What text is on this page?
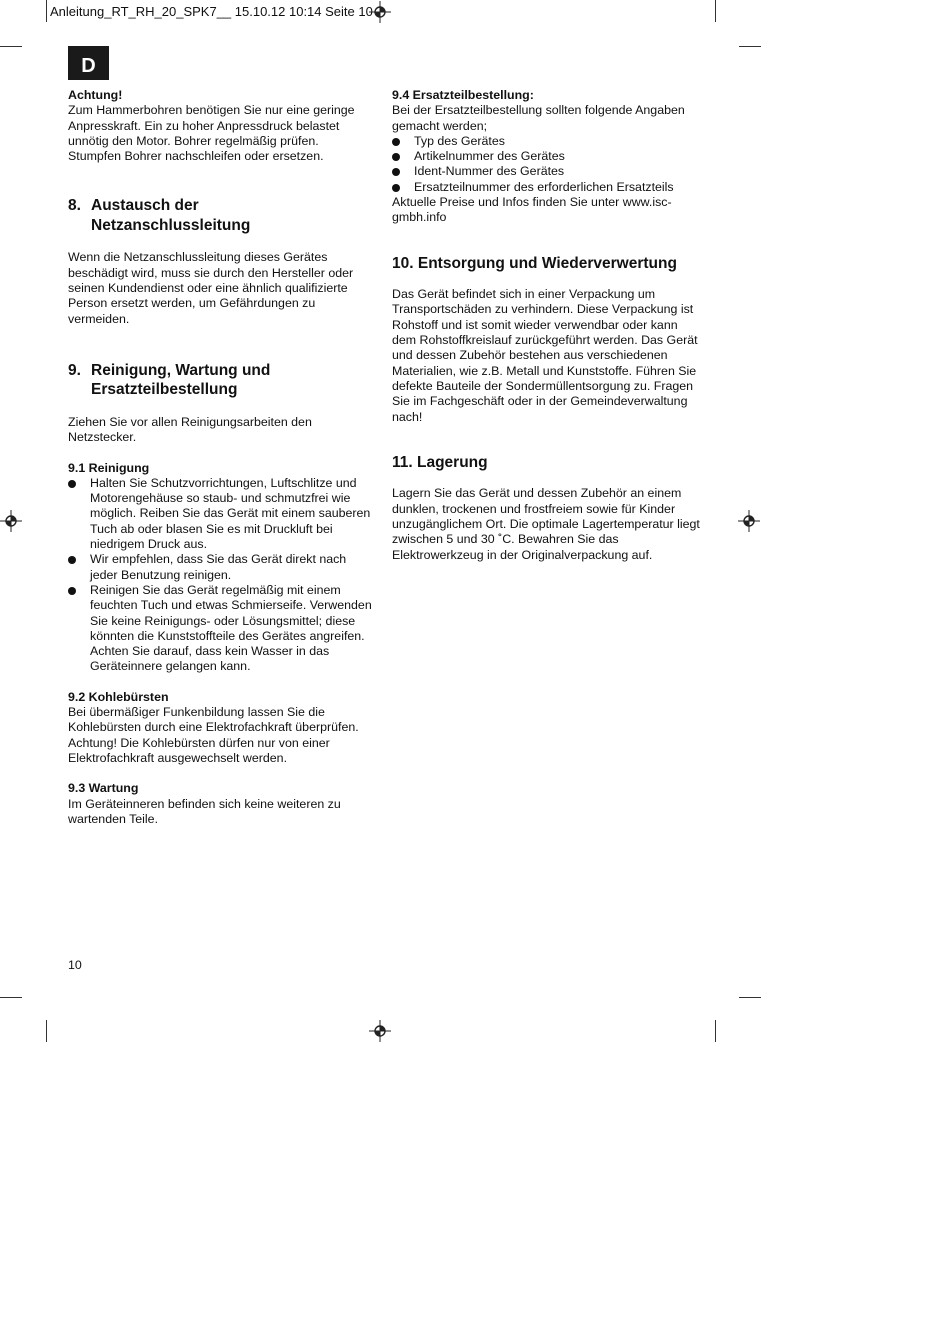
Anleitung_RT_RH_20_SPK7__ 15.10.12 10:14 Seite 10
D

Achtung!

Zum Hammerbohren benötigen Sie nur eine geringe Anpresskraft. Ein zu hoher Anpressdruck belastet unnötig den Motor. Bohrer regelmäßig prüfen. Stumpfen Bohrer nachschleifen oder ersetzen.

8. Austausch der
Netzanschlussleitung

Wenn die Netzanschlussleitung dieses Gerätes beschädigt wird, muss sie durch den Hersteller oder seinen Kundendienst oder eine ähnlich qualifizierte Person ersetzt werden, um Gefährdungen zu vermeiden.

9. Reinigung, Wartung und
Ersatzteilbestellung

Ziehen Sie vor allen Reinigungsarbeiten den Netzstecker.

9.1 Reinigung

Halten Sie Schutzvorrichtungen, Luftschlitze und Motorengehäuse so staub- und schmutzfrei wie möglich. Reiben Sie das Gerät mit einem sauberen Tuch ab oder blasen Sie es mit Druckluft bei niedrigem Druck aus.
Wir empfehlen, dass Sie das Gerät direkt nach jeder Benutzung reinigen.
Reinigen Sie das Gerät regelmäßig mit einem feuchten Tuch und etwas Schmierseife. Verwenden Sie keine Reinigungs- oder Lösungsmittel; diese könnten die Kunststoffteile des Gerätes angreifen. Achten Sie darauf, dass kein Wasser in das Geräteinnere gelangen kann.

9.2 Kohlebürsten

Bei übermäßiger Funkenbildung lassen Sie die Kohlebürsten durch eine Elektrofachkraft überprüfen.

Achtung! Die Kohlebürsten dürfen nur von einer Elektrofachkraft ausgewechselt werden.

9.3 Wartung

Im Geräteinneren befinden sich keine weiteren zu wartenden Teile.

9.4 Ersatzteilbestellung:

Bei der Ersatzteilbestellung sollten folgende Angaben gemacht werden;

Typ des Gerätes
Artikelnummer des Gerätes
Ident-Nummer des Gerätes
Ersatzteilnummer des erforderlichen Ersatzteils

Aktuelle Preise und Infos finden Sie unter www.isc-gmbh.info

10. Entsorgung und Wiederverwertung

Das Gerät befindet sich in einer Verpackung um Transportschäden zu verhindern. Diese Verpackung ist Rohstoff und ist somit wieder verwendbar oder kann dem Rohstoffkreislauf zurückgeführt werden. Das Gerät und dessen Zubehör bestehen aus verschiedenen Materialien, wie z.B. Metall und Kunststoffe. Führen Sie defekte Bauteile der Sondermüllentsorgung zu. Fragen Sie im Fachgeschäft oder in der Gemeindeverwaltung nach!

11. Lagerung

Lagern Sie das Gerät und dessen Zubehör an einem dunklen, trockenen und frostfreiem sowie für Kinder unzugänglichem Ort. Die optimale Lagertemperatur liegt zwischen 5 und 30 ˚C. Bewahren Sie das Elektrowerkzeug in der Originalverpackung auf.

10
